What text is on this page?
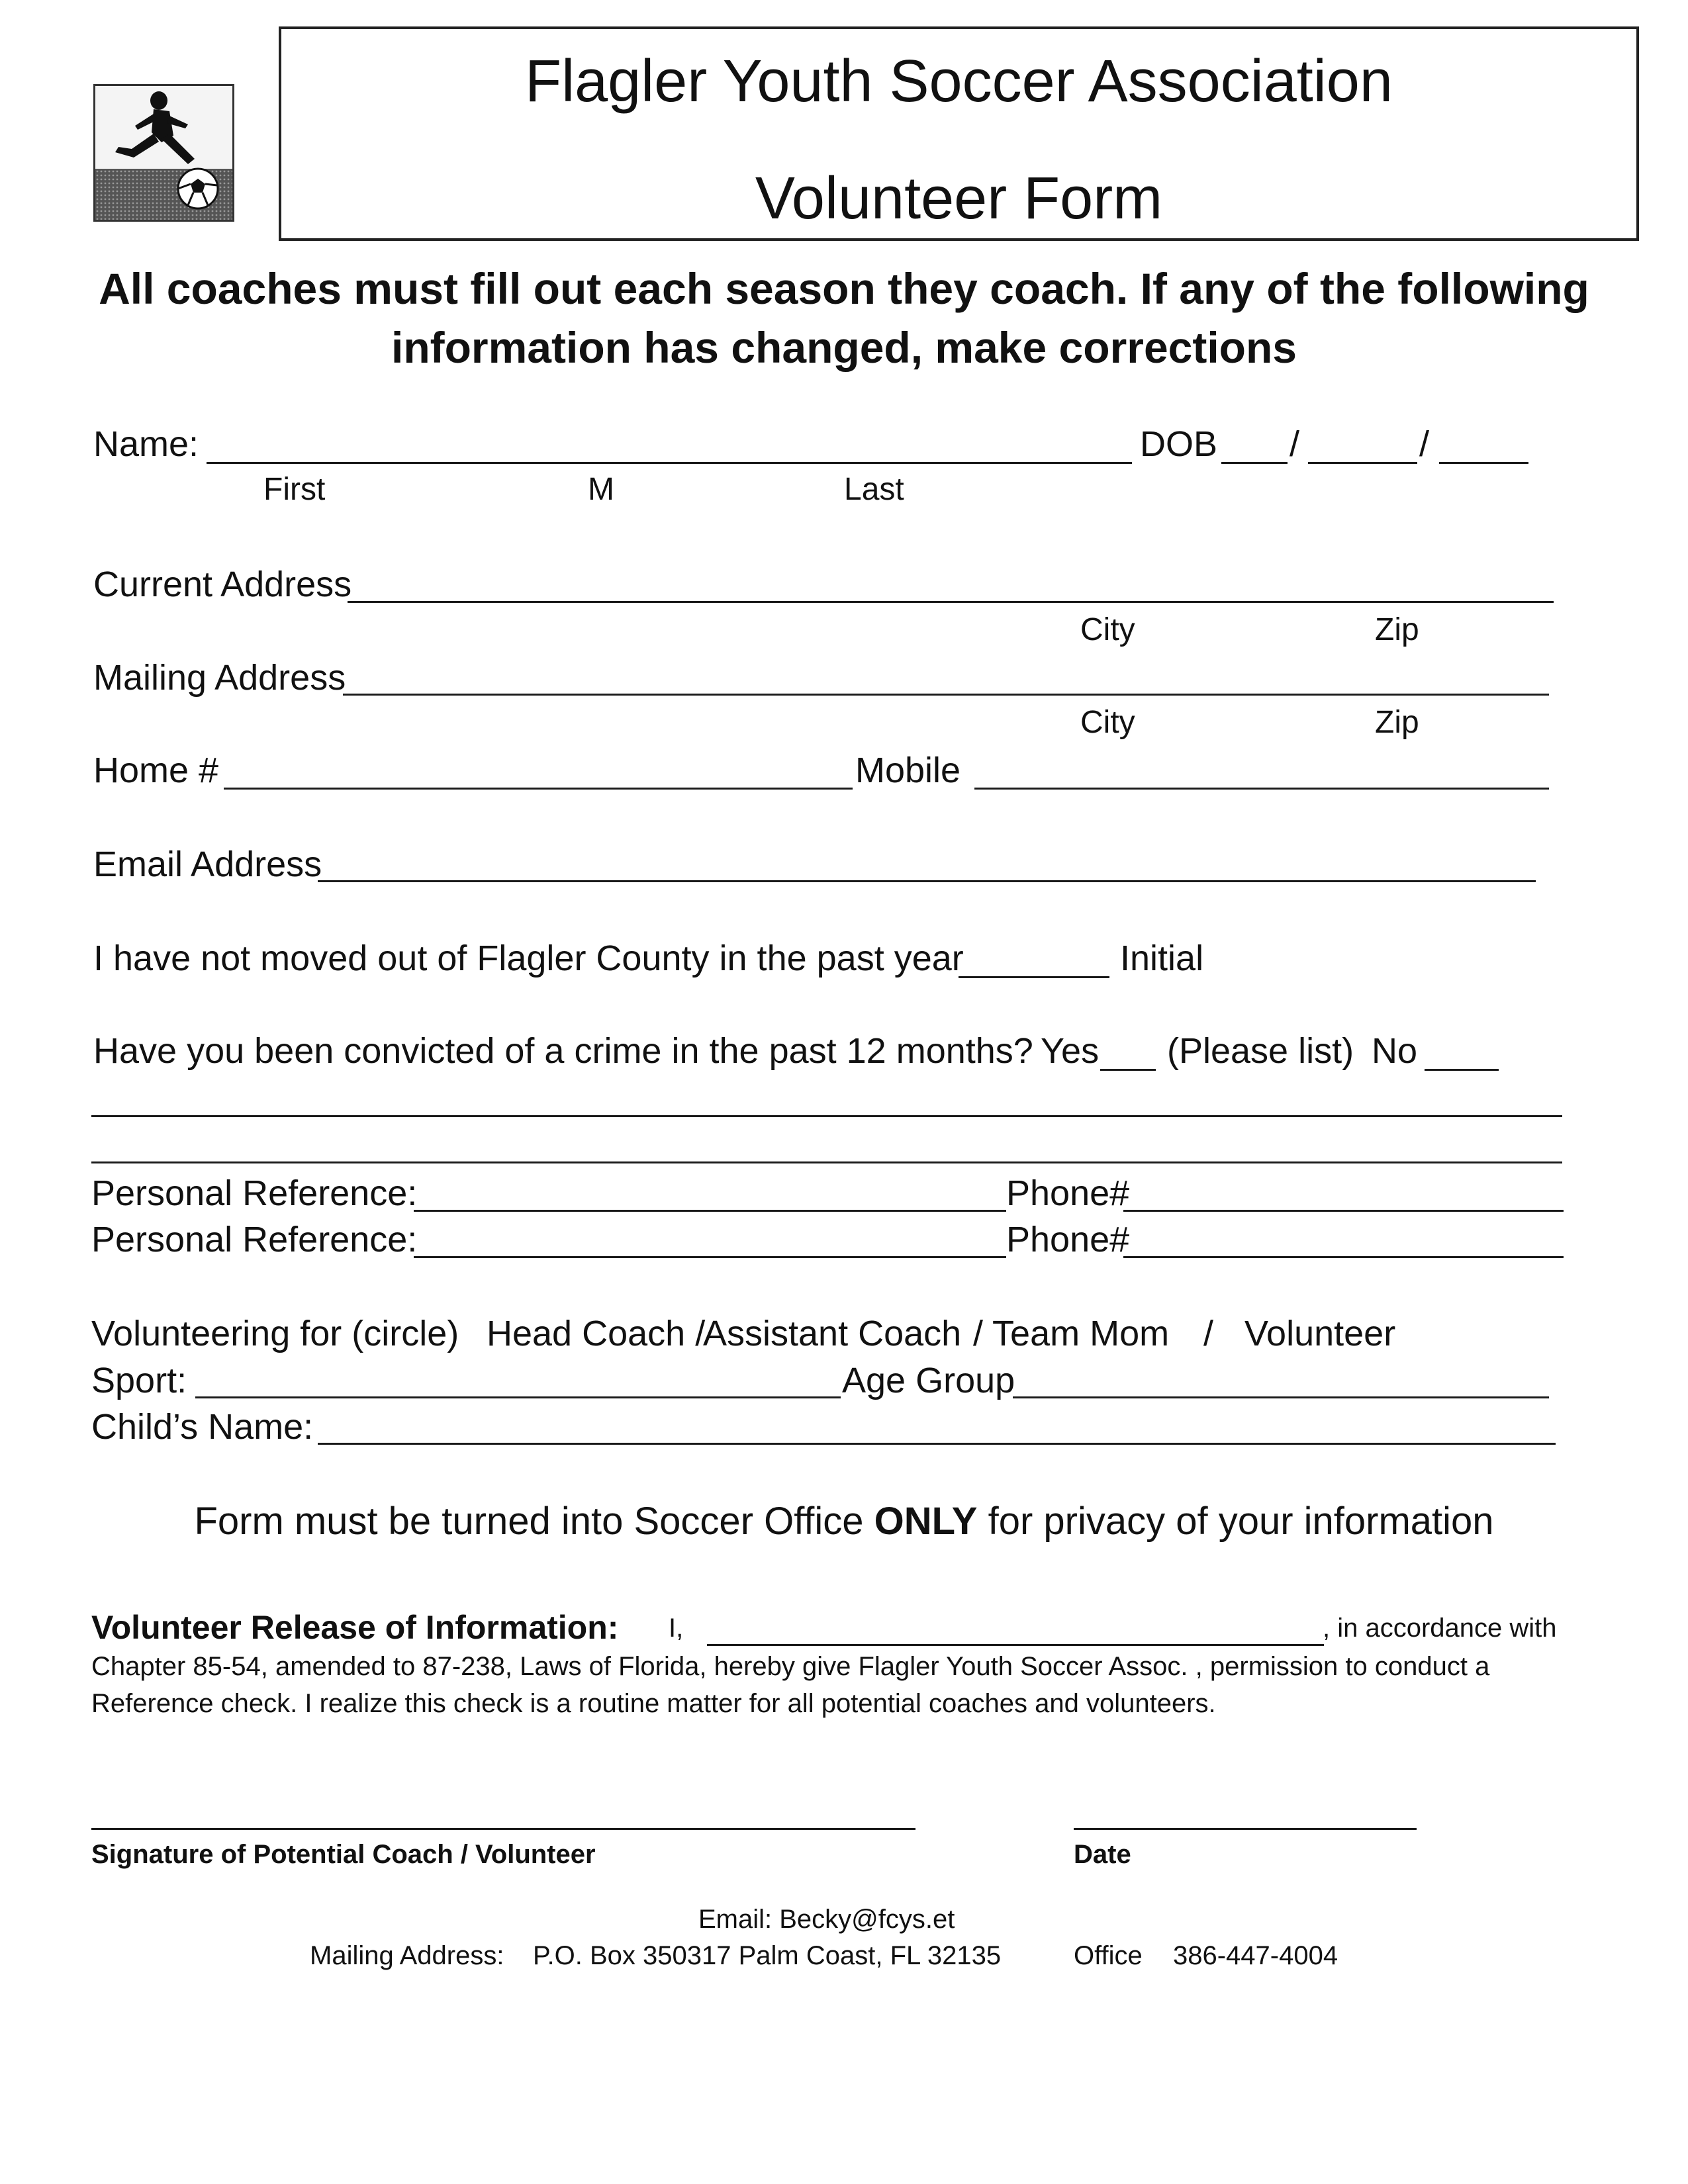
Flagler Youth Soccer Association
Volunteer Form
All coaches must fill out each season they coach. If any of the following
information has changed, make corrections
Name:	DOB /	/
First	M	Last
Current Address
City	Zip
Mailing Address
City	Zip
Home #	Mobile
Email Address
I have not moved out of Flagler County in the past year	Initial
Have you been convicted of a crime in the past 12 months? Yes (Please list) No
Personal Reference:	Phone#
Personal Reference:	Phone#
Volunteering for (circle) Head Coach /
Assistant Coach / Team Mom / Volunteer
Sport:	Age Group
Child’s Name:
Form must be turned into Soccer Office ONLY for privacy of your information
Volunteer Release of Information: I,	, in accordance with
Chapter 85-54, amended to 87-238, Laws of Florida, hereby give Flagler Youth Soccer Assoc. , permission to conduct a
Reference check. I realize this check is a routine matter for all potential coaches and volunteers.
Signature of Potential Coach / Volunteer	Date
Email: Becky@fcys.et
Mailing Address: P.O. Box 350317 Palm Coast, FL 32135	Office 386-447-4004
